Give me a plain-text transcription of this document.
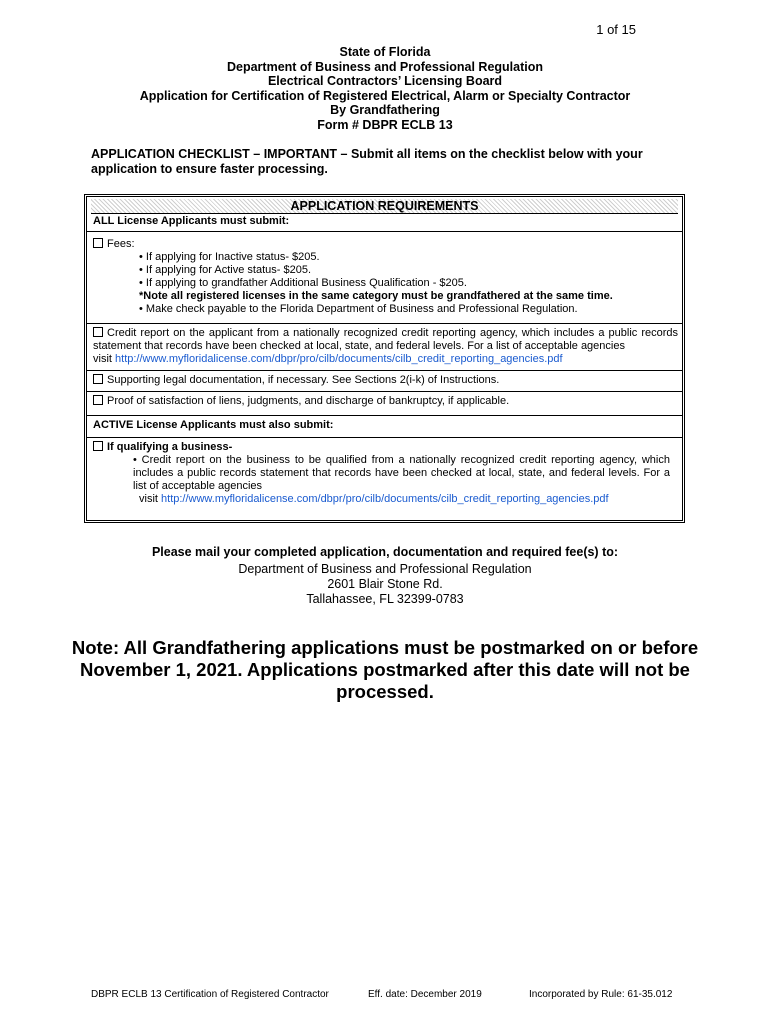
1 of 15
State of Florida
Department of Business and Professional Regulation
Electrical Contractors’ Licensing Board
Application for Certification of Registered Electrical, Alarm or Specialty Contractor
By Grandfathering
Form # DBPR ECLB 13
APPLICATION CHECKLIST – IMPORTANT – Submit all items on the checklist below with your application to ensure faster processing.
APPLICATION REQUIREMENTS
ALL License Applicants must submit:
Fees:
• If applying for Inactive status- $205.
• If applying for Active status- $205.
• If applying to grandfather Additional Business Qualification - $205.
*Note all registered licenses in the same category must be grandfathered at the same time.
• Make check payable to the Florida Department of Business and Professional Regulation.
Credit report on the applicant from a nationally recognized credit reporting agency, which includes a public records statement that records have been checked at local, state, and federal levels. For a list of acceptable agencies
visit http://www.myfloridalicense.com/dbpr/pro/cilb/documents/cilb_credit_reporting_agencies.pdf
Supporting legal documentation, if necessary. See Sections 2(i-k) of Instructions.
Proof of satisfaction of liens, judgments, and discharge of bankruptcy, if applicable.
ACTIVE License Applicants must also submit:
If qualifying a business-
• Credit report on the business to be qualified from a nationally recognized credit reporting agency, which includes a public records statement that records have been checked at local, state, and federal levels. For a list of acceptable agencies
visit http://www.myfloridalicense.com/dbpr/pro/cilb/documents/cilb_credit_reporting_agencies.pdf
Please mail your completed application, documentation and required fee(s) to:
Department of Business and Professional Regulation
2601 Blair Stone Rd.
Tallahassee, FL 32399-0783
Note: All Grandfathering applications must be postmarked on or before November 1, 2021. Applications postmarked after this date will not be processed.
DBPR ECLB 13 Certification of Registered Contractor	Eff. date: December 2019	Incorporated by Rule: 61-35.012
